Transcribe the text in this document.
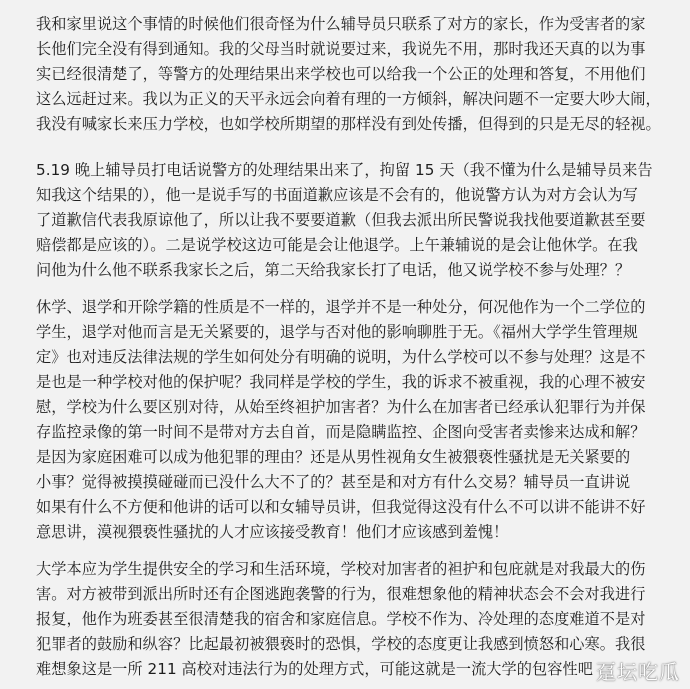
我和家里说这个事情的时候他们很奇怪为什么辅导员只联系了对方的家长，作为受害者的家
长他们完全没有得到通知。我的父母当时就说要过来，我说先不用，那时我还天真的以为事
实已经很清楚了，等警方的处理结果出来学校也可以给我一个公正的处理和答复，不用他们
这么远赶过来。我以为正义的天平永远会向着有理的一方倾斜，解决问题不一定要大吵大闹，
我没有喊家长来压力学校，也如学校所期望的那样没有到处传播，但得到的只是无尽的轻视。
5.19 晚上辅导员打电话说警方的处理结果出来了，拘留 15 天（我不懂为什么是辅导员来告
知我这个结果的），他一是说手写的书面道歉应该是不会有的，他说警方认为对方会认为写
了道歉信代表我原谅他了，所以让我不要要道歉（但我去派出所民警说我找他要道歉甚至要
赔偿都是应该的）。二是说学校这边可能是会让他退学。上午兼辅说的是会让他休学。在我
问他为什么他不联系我家长之后，第二天给我家长打了电话，他又说学校不参与处理？？
休学、退学和开除学籍的性质是不一样的，退学并不是一种处分，何况他作为一个二学位的
学生，退学对他而言是无关紧要的，退学与否对他的影响聊胜于无。《福州大学学生管理规
定》也对违反法律法规的学生如何处分有明确的说明，为什么学校可以不参与处理？这是不
是也是一种学校对他的保护呢？我同样是学校的学生，我的诉求不被重视，我的心理不被安
慰，学校为什么要区别对待，从始至终袒护加害者？为什么在加害者已经承认犯罪行为并保
存监控录像的第一时间不是带对方去自首，而是隐瞒监控、企图向受害者卖惨来达成和解？
是因为家庭困难可以成为他犯罪的理由？还是从男性视角女生被猥亵性骚扰是无关紧要的
小事？觉得被摸摸碰碰而已没什么大不了的？甚至是和对方有什么交易？辅导员一直讲说
如果有什么不方便和他讲的话可以和女辅导员讲，但我觉得这没有什么不可以讲不能讲不好
意思讲，漠视猥亵性骚扰的人才应该接受教育！他们才应该感到羞愧！
大学本应为学生提供安全的学习和生活环境，学校对加害者的袒护和包庇就是对我最大的伤
害。对方被带到派出所时还有企图逃跑袭警的行为，很难想象他的精神状态会不会对我进行
报复，他作为班委甚至很清楚我的宿舍和家庭信息。学校不作为、冷处理的态度难道不是对
犯罪者的鼓励和纵容？比起最初被猥亵时的恐惧，学校的态度更让我感到愤怒和心寒。我很
难想象这是一所 211 高校对违法行为的处理方式，可能这就是一流大学的包容性吧 趸坛吃瓜
